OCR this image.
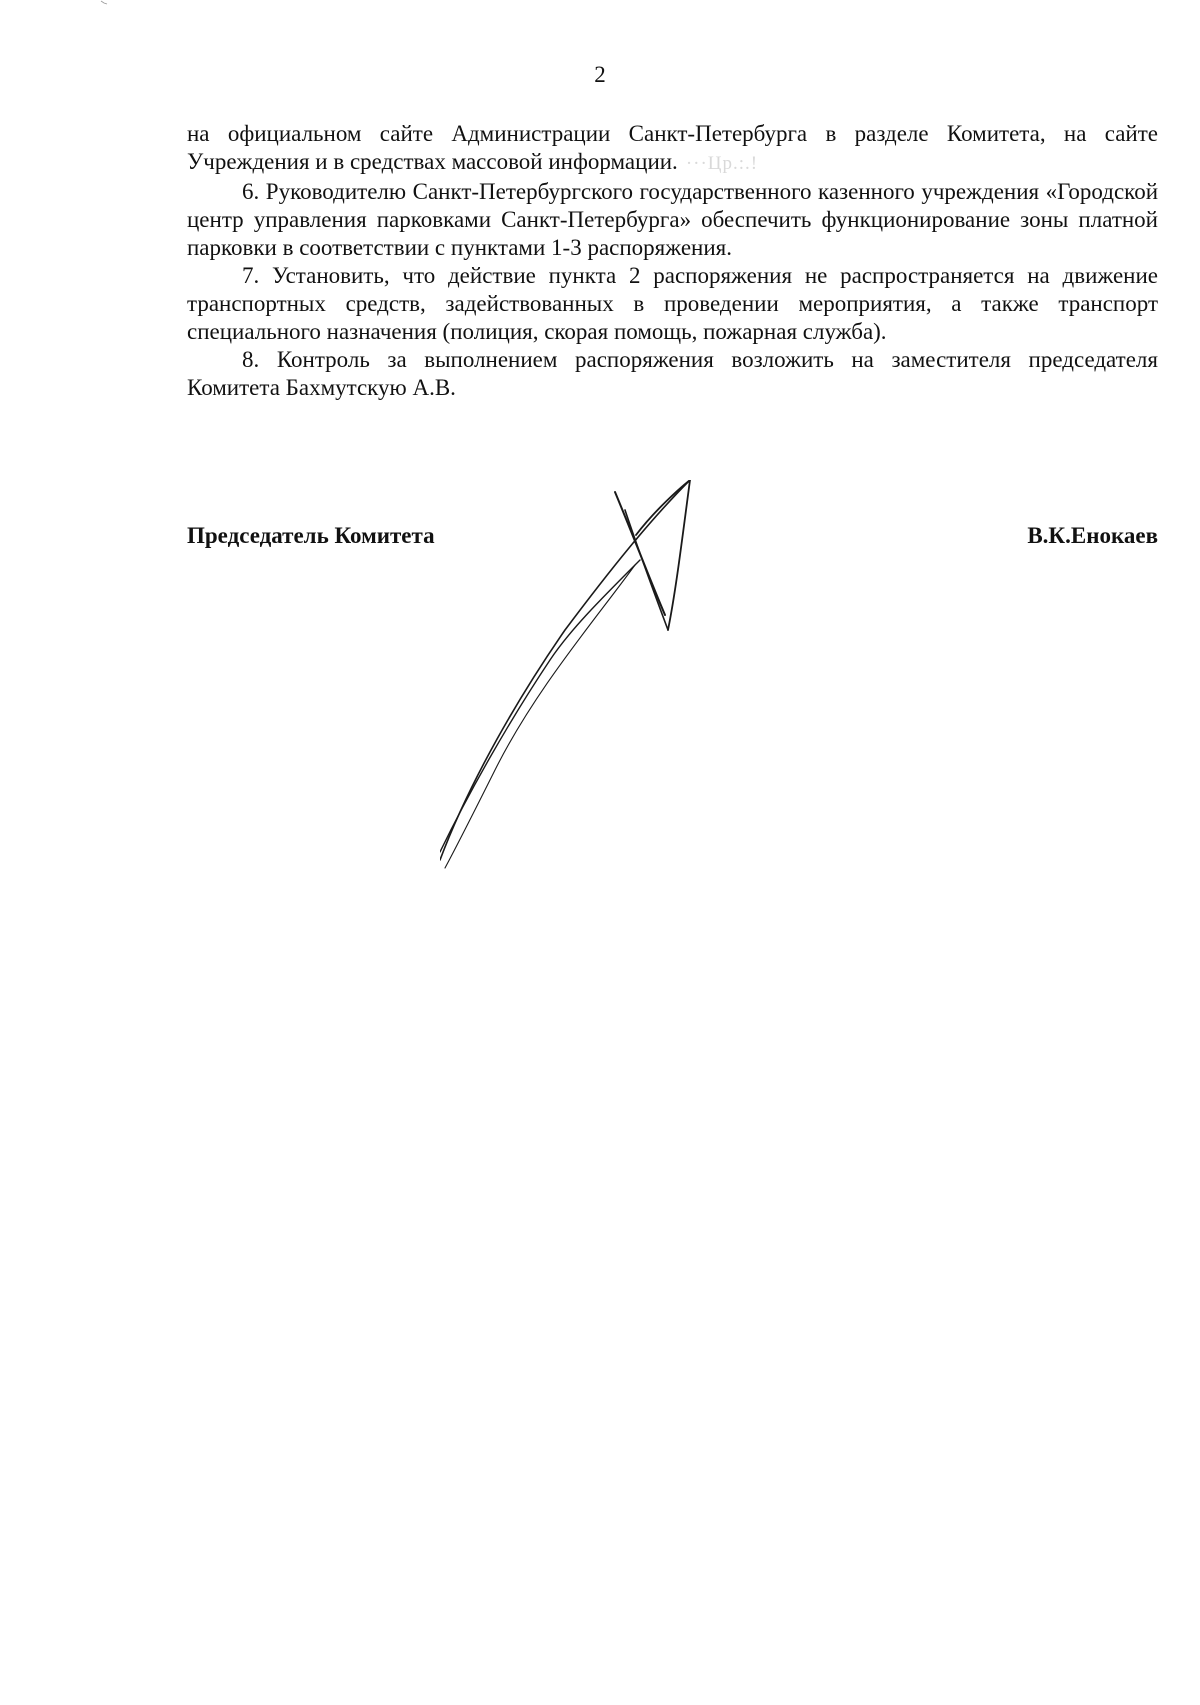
2

на официальном сайте Администрации Санкт-Петербурга в разделе Комитета, на сайте Учреждения и в средствах массовой информации. ···Цр.:.!

6. Руководителю Санкт-Петербургского государственного казенного учреждения «Городской центр управления парковками Санкт-Петербурга» обеспечить функционирование зоны платной парковки в соответствии с пунктами 1-3 распоряжения.

7. Установить, что действие пункта 2 распоряжения не распространяется на движение транспортных средств, задействованных в проведении мероприятия, а также транспорт специального назначения (полиция, скорая помощь, пожарная служба).

8. Контроль за выполнением распоряжения возложить на заместителя председателя Комитета Бахмутскую А.В.

Председатель Комитета	В.К.Енокаев
